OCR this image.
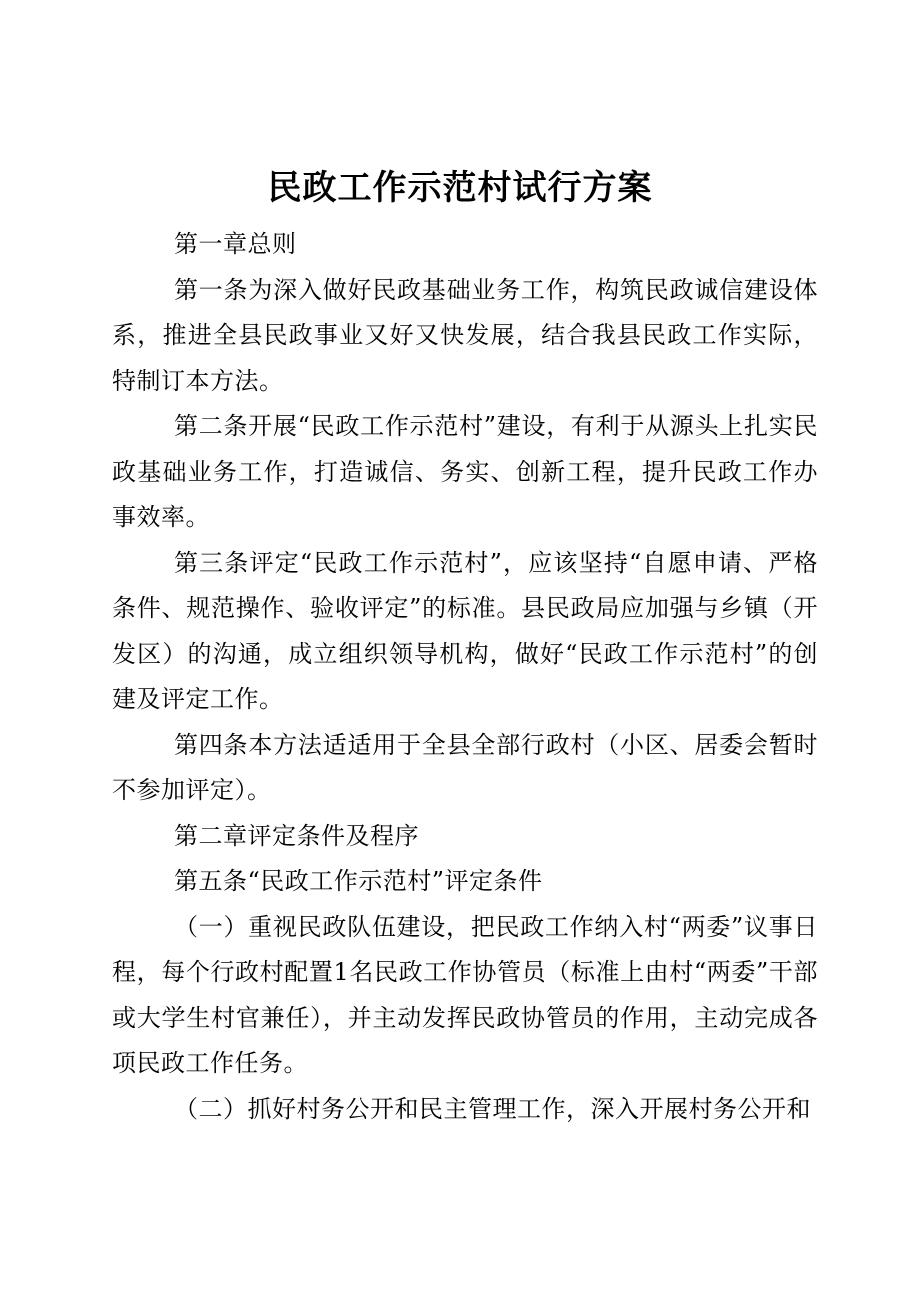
民政工作示范村试行方案

第一章总则

第一条为深入做好民政基础业务工作，构筑民政诚信建设体系，推进全县民政事业又好又快发展，结合我县民政工作实际，特制订本方法。

第二条开展“民政工作示范村”建设，有利于从源头上扎实民政基础业务工作，打造诚信、务实、创新工程，提升民政工作办事效率。

第三条评定“民政工作示范村”，应该坚持“自愿申请、严格条件、规范操作、验收评定”的标准。县民政局应加强与乡镇（开发区）的沟通，成立组织领导机构，做好“民政工作示范村”的创建及评定工作。

第四条本方法适适用于全县全部行政村（小区、居委会暂时不参加评定）。

第二章评定条件及程序

第五条“民政工作示范村”评定条件

（一）重视民政队伍建设，把民政工作纳入村“两委”议事日程，每个行政村配置1名民政工作协管员（标准上由村“两委”干部或大学生村官兼任），并主动发挥民政协管员的作用，主动完成各项民政工作任务。

（二）抓好村务公开和民主管理工作，深入开展村务公开和
